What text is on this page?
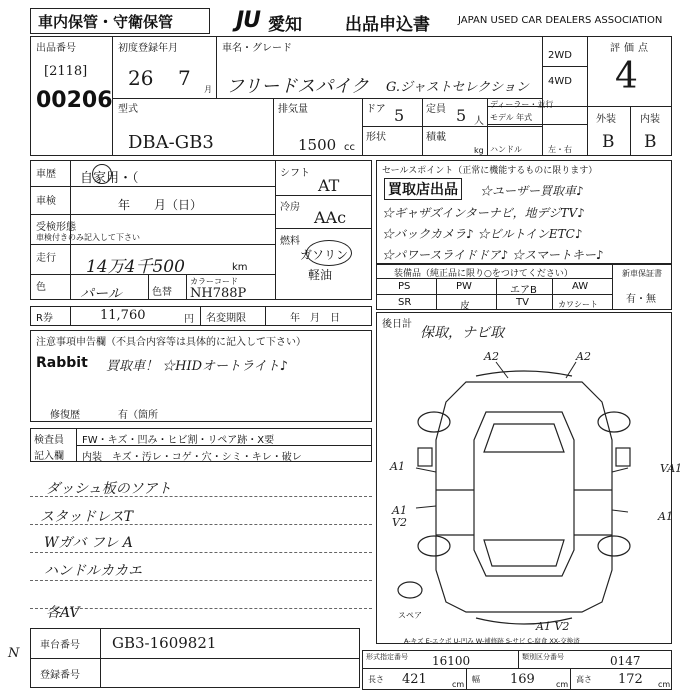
車内保管・守衛保管	JU 愛知	出品申込書	JAPAN USED CAR DEALERS ASSOCIATION
出品番号
[2118]
00206
初度登録年月
26 7 月
車名・グレード
フリードスパイク G.ジャストセレクション
2WD
4WD
評価点
4
型式
DBA-GB3
排気量
1500 cc
ドア 5
形状
定員 5 人
積載
kg
ディーラー・並行
モデル 年式
ハンドル	左・右
外装 内装
B B
車歴 自家用・（
車検	年　　月（日）
受検形態
車検付きのみ記入して下さい
走行 14万4千500	km
色 パール	色替
カラーコード
NH788P
シフト
AT
冷房
AAc
燃料
ガソリン
軽油
セールスポイント（正常に機能するものに限ります）
買取店出品	☆ユーザー買取車♪
☆ギャザズインターナビ，地デジTV♪
☆バックカメラ♪ ☆ビルトインETC♪
☆パワースライドドア♪ ☆スマートキー♪
装備品（純正品に限り○をつけてください）
PS	PW	エアB	AW
SR	皮	TV	カワシート
新車保証書
有・無
R券	11,760	円 名変期限	年　月　日
注意事項申告欄（不具合内容等は具体的に記入して下さい）
Rabbit 買取車！ ☆HIDオートライト♪
修復歴	有（箇所
検査員
記入欄
FW・キズ・凹み・ヒビ割・リペア跡・X要
内装 キズ・汚レ・コゲ・穴・シミ・キレ・破レ
ダッシュ板のソアト
スタッドレスT
Wガバ フレ A
ハンドルカカエ
各AV
後日計
保取，ナビ取
A2	A2
A1	VA1
A1
V2	A1
A1 V2
スペア
A-キズ E-エクボ U-凹み W-補修跡 S-サビ C-腐食 XX-交換済
N
車台番号 GB3-1609821
登録番号
形式指定番号 16100	類別区分番号	0147
長さ 421	cm
幅 169	cm
高さ 172 cm
